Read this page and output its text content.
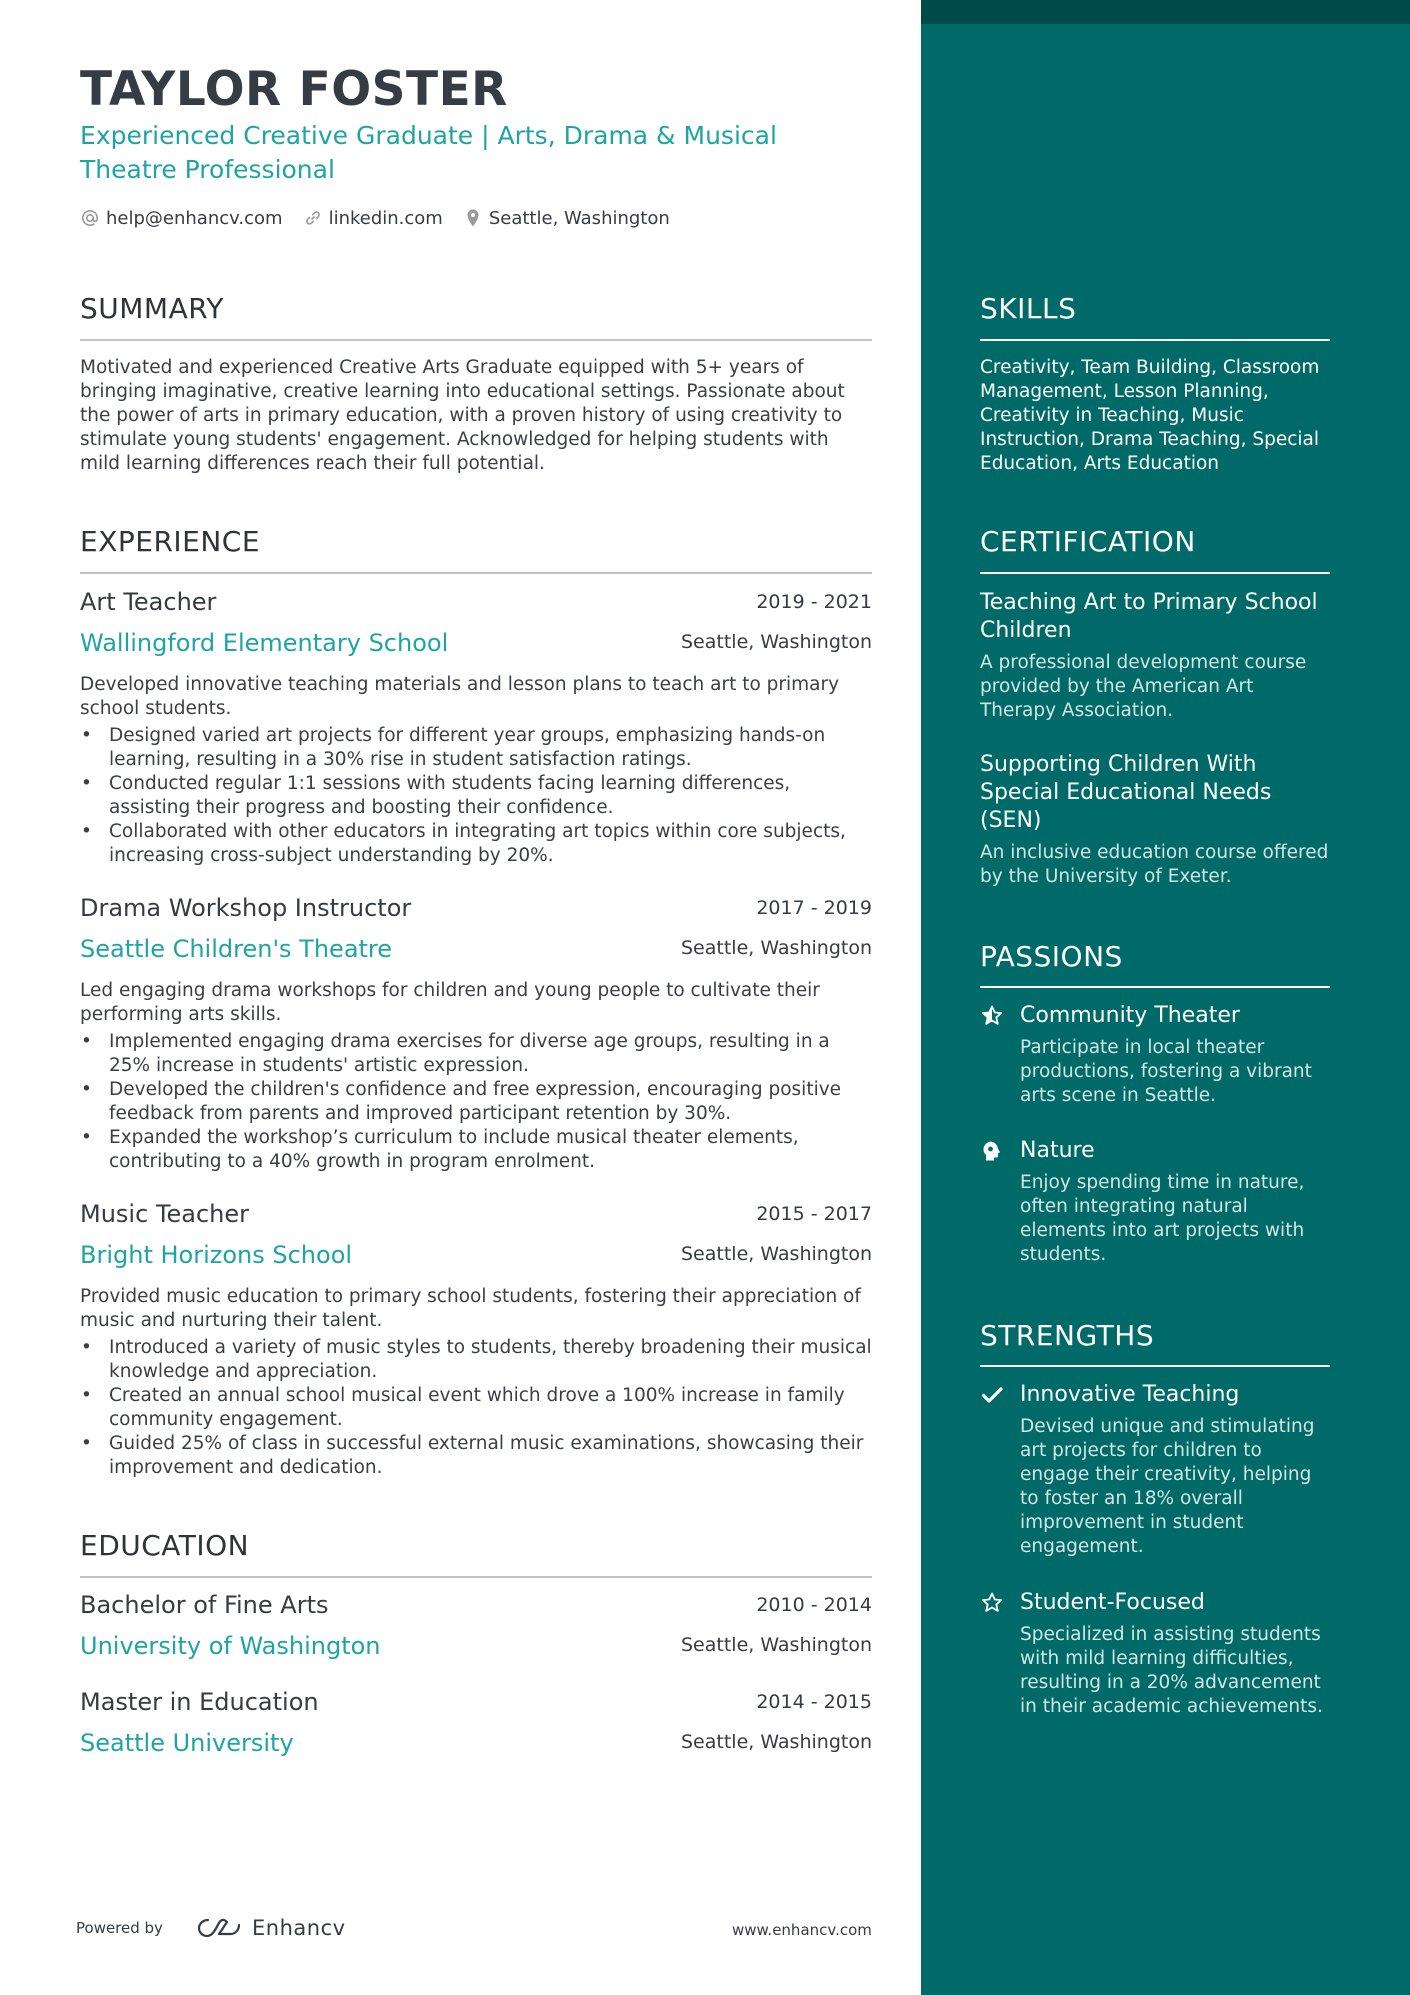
TAYLOR FOSTER
Experienced Creative Graduate | Arts, Drama & Musical Theatre Professional
help@enhancv.com	linkedin.com	Seattle, Washington
SUMMARY
Motivated and experienced Creative Arts Graduate equipped with 5+ years of bringing imaginative, creative learning into educational settings. Passionate about the power of arts in primary education, with a proven history of using creativity to stimulate young students' engagement. Acknowledged for helping students with mild learning differences reach their full potential.
EXPERIENCE
Art Teacher	2019 - 2021
Wallingford Elementary School	Seattle, Washington
Developed innovative teaching materials and lesson plans to teach art to primary school students.
• Designed varied art projects for different year groups, emphasizing hands-on learning, resulting in a 30% rise in student satisfaction ratings.
• Conducted regular 1:1 sessions with students facing learning differences, assisting their progress and boosting their confidence.
• Collaborated with other educators in integrating art topics within core subjects, increasing cross-subject understanding by 20%.
Drama Workshop Instructor	2017 - 2019
Seattle Children's Theatre	Seattle, Washington
Led engaging drama workshops for children and young people to cultivate their performing arts skills.
• Implemented engaging drama exercises for diverse age groups, resulting in a 25% increase in students' artistic expression.
• Developed the children's confidence and free expression, encouraging positive feedback from parents and improved participant retention by 30%.
• Expanded the workshop’s curriculum to include musical theater elements, contributing to a 40% growth in program enrolment.
Music Teacher	2015 - 2017
Bright Horizons School	Seattle, Washington
Provided music education to primary school students, fostering their appreciation of music and nurturing their talent.
• Introduced a variety of music styles to students, thereby broadening their musical knowledge and appreciation.
• Created an annual school musical event which drove a 100% increase in family community engagement.
• Guided 25% of class in successful external music examinations, showcasing their improvement and dedication.
EDUCATION
Bachelor of Fine Arts	2010 - 2014
University of Washington	Seattle, Washington
Master in Education	2014 - 2015
Seattle University	Seattle, Washington
SKILLS
Creativity, Team Building, Classroom Management, Lesson Planning, Creativity in Teaching, Music Instruction, Drama Teaching, Special Education, Arts Education
CERTIFICATION
Teaching Art to Primary School Children
A professional development course provided by the American Art Therapy Association.
Supporting Children With Special Educational Needs (SEN)
An inclusive education course offered by the University of Exeter.
PASSIONS
Community Theater
Participate in local theater productions, fostering a vibrant arts scene in Seattle.
Nature
Enjoy spending time in nature, often integrating natural elements into art projects with students.
STRENGTHS
Innovative Teaching
Devised unique and stimulating art projects for children to engage their creativity, helping to foster an 18% overall improvement in student engagement.
Student-Focused
Specialized in assisting students with mild learning difficulties, resulting in a 20% advancement in their academic achievements.
Powered by	Enhancv	www.enhancv.com
